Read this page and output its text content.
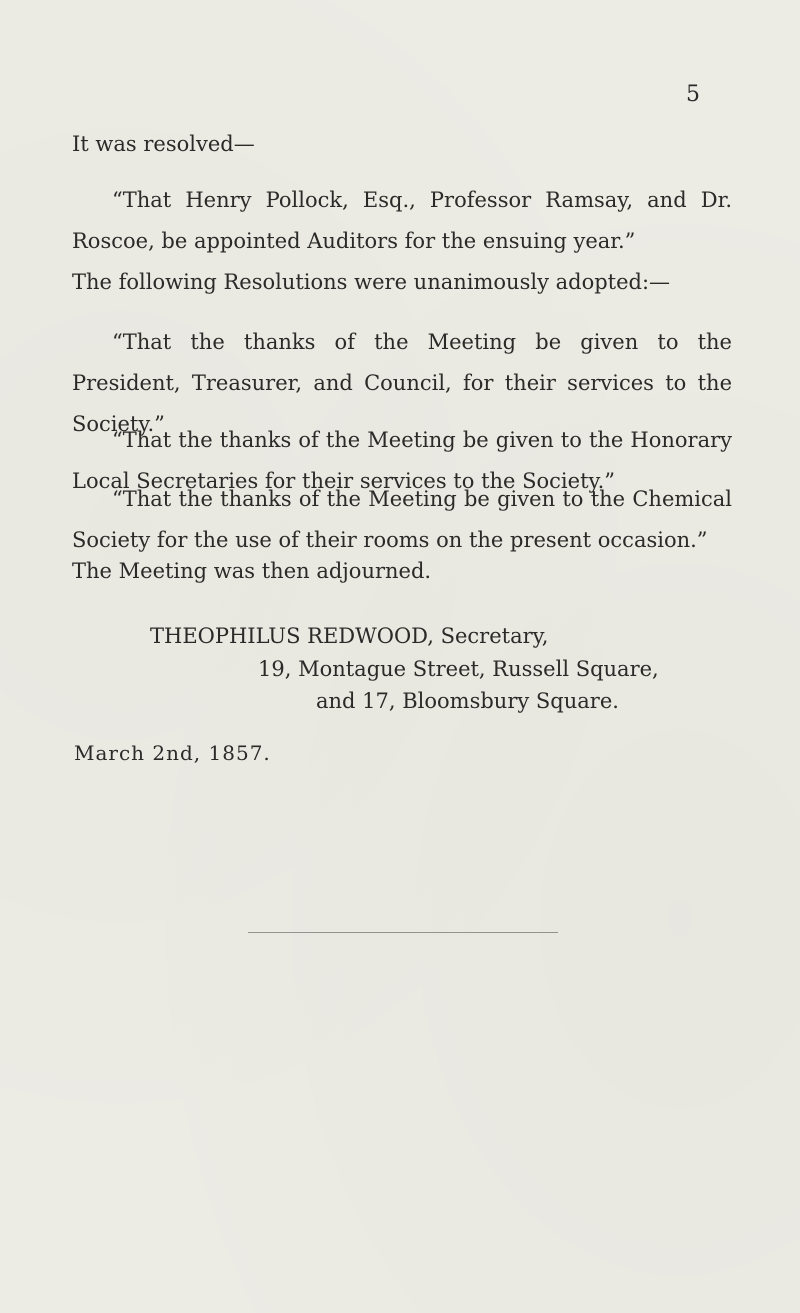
5

It was resolved—

“That Henry Pollock, Esq., Professor Ramsay, and Dr. Roscoe, be appointed Auditors for the ensuing year.”

The following Resolutions were unanimously adopted:—

“That the thanks of the Meeting be given to the President, Treasurer, and Council, for their services to the Society.”

“That the thanks of the Meeting be given to the Honorary Local Secretaries for their services to the Society.”

“That the thanks of the Meeting be given to the Chemical Society for the use of their rooms on the present occasion.”

The Meeting was then adjourned.

THEOPHILUS REDWOOD, Secretary,
19, Montague Street, Russell Square,
and 17, Bloomsbury Square.
March 2nd, 1857.
